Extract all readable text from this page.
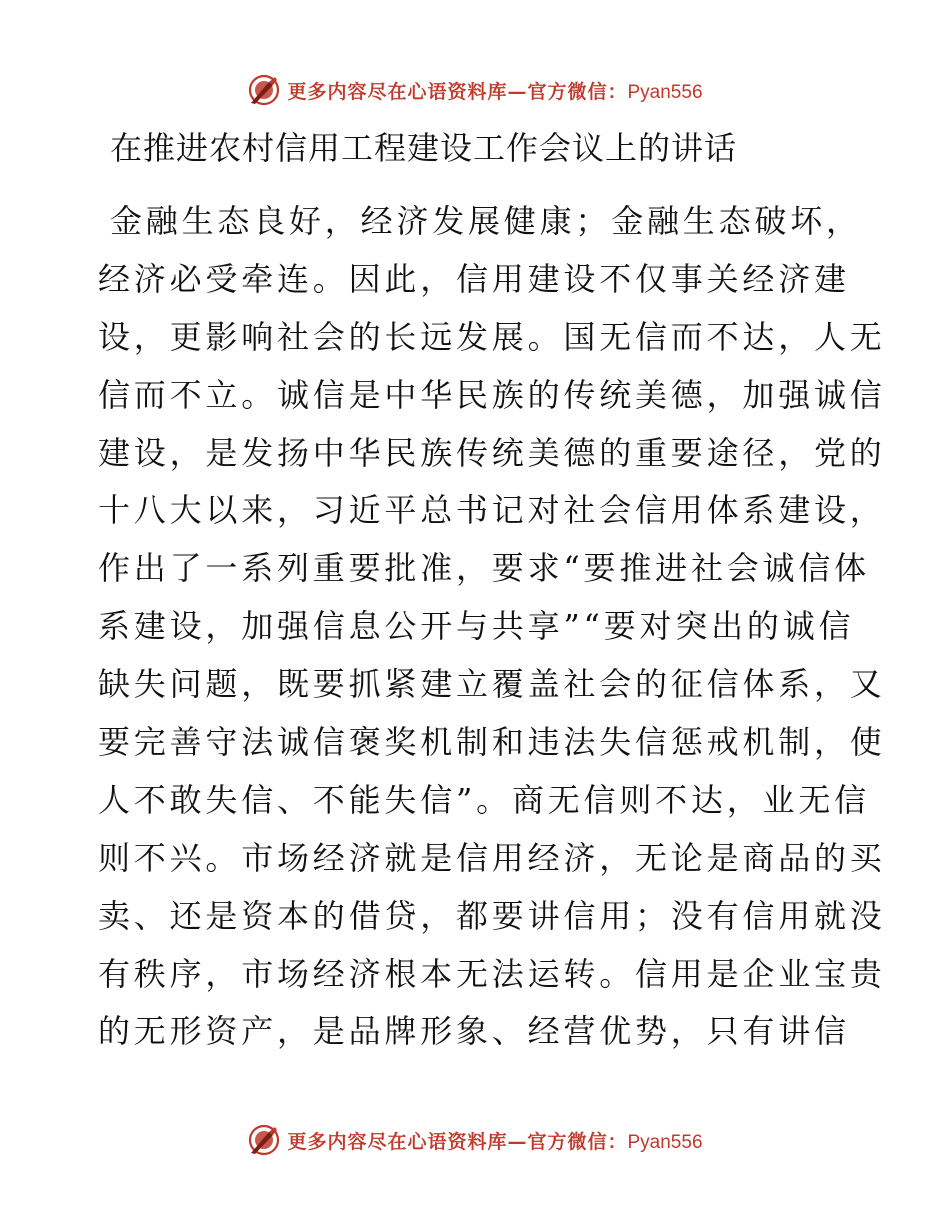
更多内容尽在心语资料库—官方微信：Pyan556
在推进农村信用工程建设工作会议上的讲话
金融生态良好，经济发展健康；金融生态破坏，
经济必受牵连。因此，信用建设不仅事关经济建
设，更影响社会的长远发展。国无信而不达，人无
信而不立。诚信是中华民族的传统美德，加强诚信
建设，是发扬中华民族传统美德的重要途径，党的
十八大以来，习近平总书记对社会信用体系建设，
作出了一系列重要批准，要求“要推进社会诚信体
系建设，加强信息公开与共享”“要对突出的诚信
缺失问题，既要抓紧建立覆盖社会的征信体系，又
要完善守法诚信褒奖机制和违法失信惩戒机制，使
人不敢失信、不能失信”。商无信则不达，业无信
则不兴。市场经济就是信用经济，无论是商品的买
卖、还是资本的借贷，都要讲信用；没有信用就没
有秩序，市场经济根本无法运转。信用是企业宝贵
的无形资产，是品牌形象、经营优势，只有讲信
更多内容尽在心语资料库—官方微信：Pyan556
